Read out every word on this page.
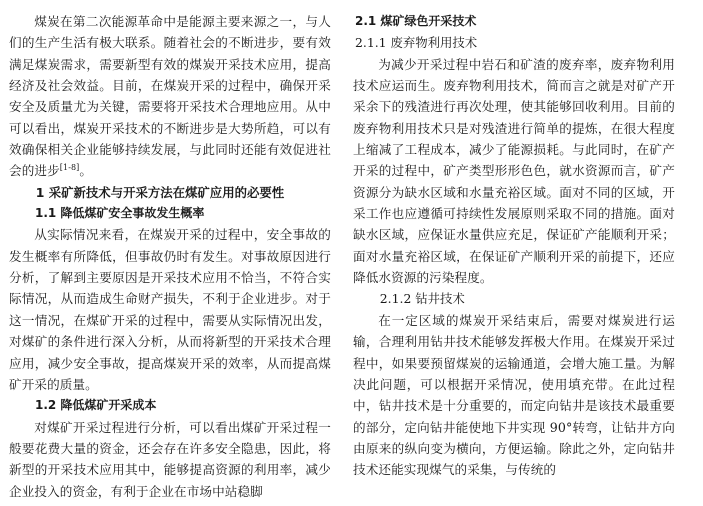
煤炭在第二次能源革命中是能源主要来源之一，与人们的生产生活有极大联系。随着社会的不断进步，要有效满足煤炭需求，需要新型有效的煤炭开采技术应用，提高经济及社会效益。目前，在煤炭开采的过程中，确保开采安全及质量尤为关键，需要将开采技术合理地应用。从中可以看出，煤炭开采技术的不断进步是大势所趋，可以有效确保相关企业能够持续发展，与此同时还能有效促进社会的进步[1-8]。

1 采矿新技术与开采方法在煤矿应用的必要性

1.1 降低煤矿安全事故发生概率

从实际情况来看，在煤炭开采的过程中，安全事故的发生概率有所降低，但事故仍时有发生。对事故原因进行分析，了解到主要原因是开采技术应用不恰当，不符合实际情况，从而造成生命财产损失，不利于企业进步。对于这一情况，在煤矿开采的过程中，需要从实际情况出发，对煤矿的条件进行深入分析，从而将新型的开采技术合理应用，减少安全事故，提高煤炭开采的效率，从而提高煤矿开采的质量。

1.2 降低煤矿开采成本

对煤矿开采过程进行分析，可以看出煤矿开采过程一般要花费大量的资金，还会存在许多安全隐患，因此，将新型的开采技术应用其中，能够提高资源的利用率，减少企业投入的资金，有利于企业在市场中站稳脚

2.1 煤矿绿色开采技术

2.1.1 废弃物利用技术

为减少开采过程中岩石和矿渣的废弃率，废弃物利用技术应运而生。废弃物利用技术，简而言之就是对矿产开采余下的残渣进行再次处理，使其能够回收利用。目前的废弃物利用技术只是对残渣进行简单的提炼，在很大程度上缩减了工程成本，减少了能源损耗。与此同时，在矿产开采的过程中，矿产类型形形色色，就水资源而言，矿产资源分为缺水区域和水量充裕区域。面对不同的区域，开采工作也应遵循可持续性发展原则采取不同的措施。面对缺水区域，应保证水量供应充足，保证矿产能顺利开采；面对水量充裕区域，在保证矿产顺利开采的前提下，还应降低水资源的污染程度。

2.1.2 钻井技术

在一定区域的煤炭开采结束后，需要对煤炭进行运输，合理利用钻井技术能够发挥极大作用。在煤炭开采过程中，如果要预留煤炭的运输通道，会增大施工量。为解决此问题，可以根据开采情况，使用填充带。在此过程中，钻井技术是十分重要的，而定向钻井是该技术最重要的部分，定向钻井能使地下井实现 90°转弯，让钻井方向由原来的纵向变为横向，方便运输。除此之外，定向钻井技术还能实现煤气的采集，与传统的
